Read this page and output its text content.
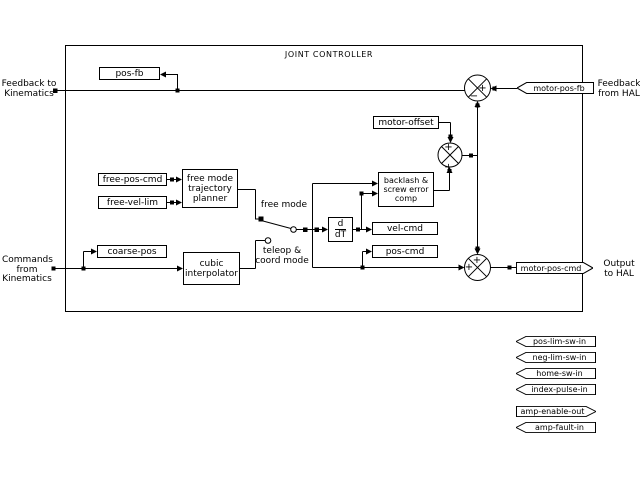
JOINT CONTROLLER
Feedback to
Kinematics
Commands
from
Kinematics
Feedback
from HAL
Output
to HAL
free mode
teleop &
coord mode
pos-fb
free-pos-cmd
free-vel-lim
free mode
trajectory
planner
coarse-pos
cubic
interpolator
motor-offset
backlash &
screw error
comp
d
dT
vel-cmd
pos-cmd
motor-pos-fb
motor-pos-cmd
pos-lim-sw-in
neg-lim-sw-in
home-sw-in
index-pulse-in
amp-enable-out
amp-fault-in
+
−
+
+
+
+
